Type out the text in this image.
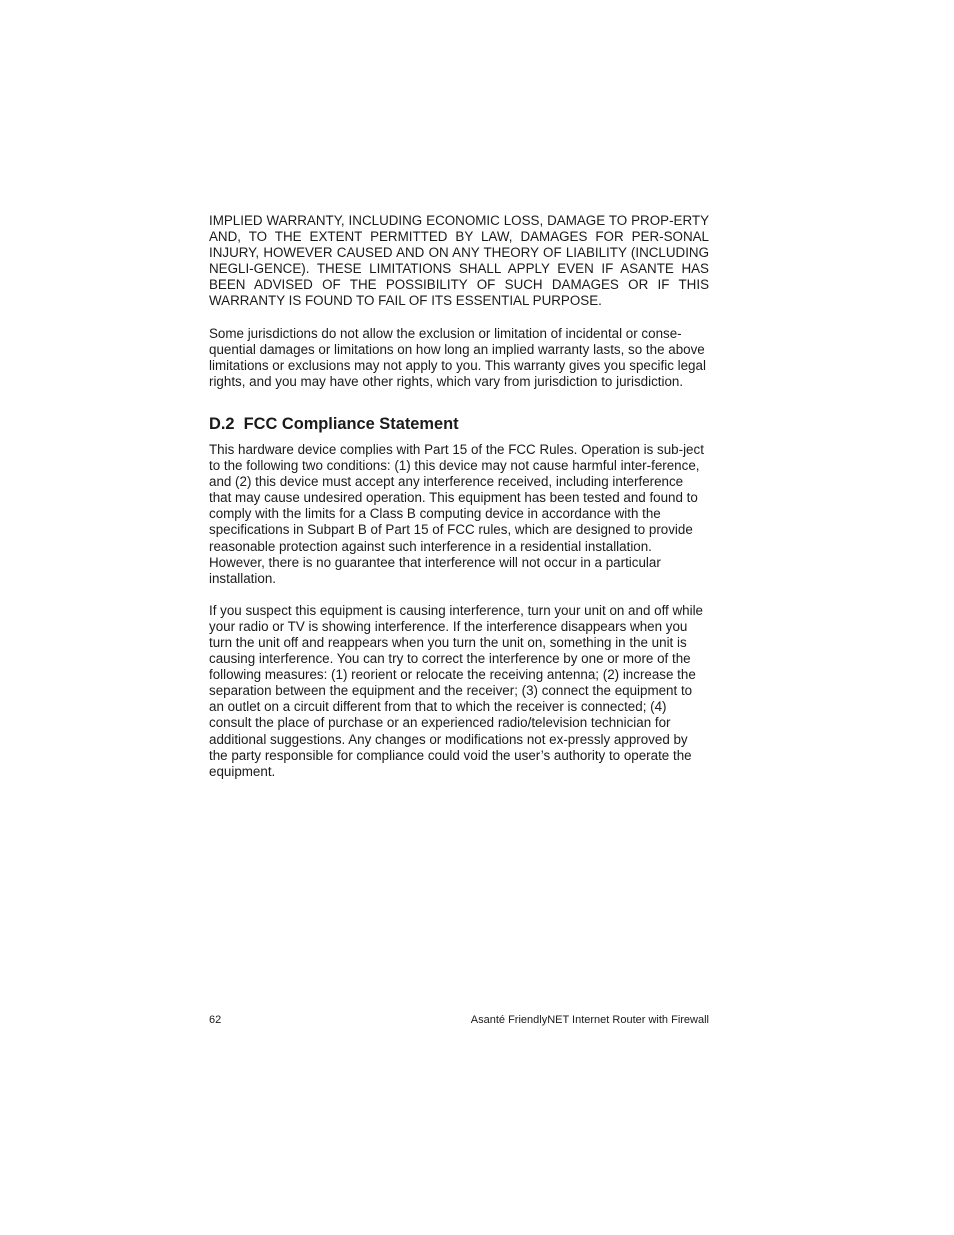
IMPLIED WARRANTY, INCLUDING ECONOMIC LOSS, DAMAGE TO PROP-ERTY AND, TO THE EXTENT PERMITTED BY LAW, DAMAGES FOR PER-SONAL INJURY, HOWEVER CAUSED AND ON ANY THEORY OF LIABILITY (INCLUDING NEGLI-GENCE). THESE LIMITATIONS SHALL APPLY EVEN IF ASANTE HAS BEEN ADVISED OF THE POSSIBILITY OF SUCH DAMAGES OR IF THIS WARRANTY IS FOUND TO FAIL OF ITS ESSENTIAL PURPOSE.

Some jurisdictions do not allow the exclusion or limitation of incidental or conse-quential damages or limitations on how long an implied warranty lasts, so the above limitations or exclusions may not apply to you. This warranty gives you specific legal rights, and you may have other rights, which vary from jurisdiction to jurisdiction.

D.2  FCC Compliance Statement

This hardware device complies with Part 15 of the FCC Rules. Operation is sub-ject to the following two conditions: (1) this device may not cause harmful inter-ference, and (2) this device must accept any interference received, including interference that may cause undesired operation. This equipment has been tested and found to comply with the limits for a Class B computing device in accordance with the specifications in Subpart B of Part 15 of FCC rules, which are designed to provide reasonable protection against such interference in a residential installation. However, there is no guarantee that interference will not occur in a particular installation.

If you suspect this equipment is causing interference, turn your unit on and off while your radio or TV is showing interference. If the interference disappears when you turn the unit off and reappears when you turn the unit on, something in the unit is causing interference. You can try to correct the interference by one or more of the following measures: (1) reorient or relocate the receiving antenna; (2) increase the separation between the equipment and the receiver; (3) connect the equipment to an outlet on a circuit different from that to which the receiver is connected; (4) consult the place of purchase or an experienced radio/television technician for additional suggestions. Any changes or modifications not ex-pressly approved by the party responsible for compliance could void the user’s authority to operate the equipment.

62	Asanté FriendlyNET Internet Router with Firewall
